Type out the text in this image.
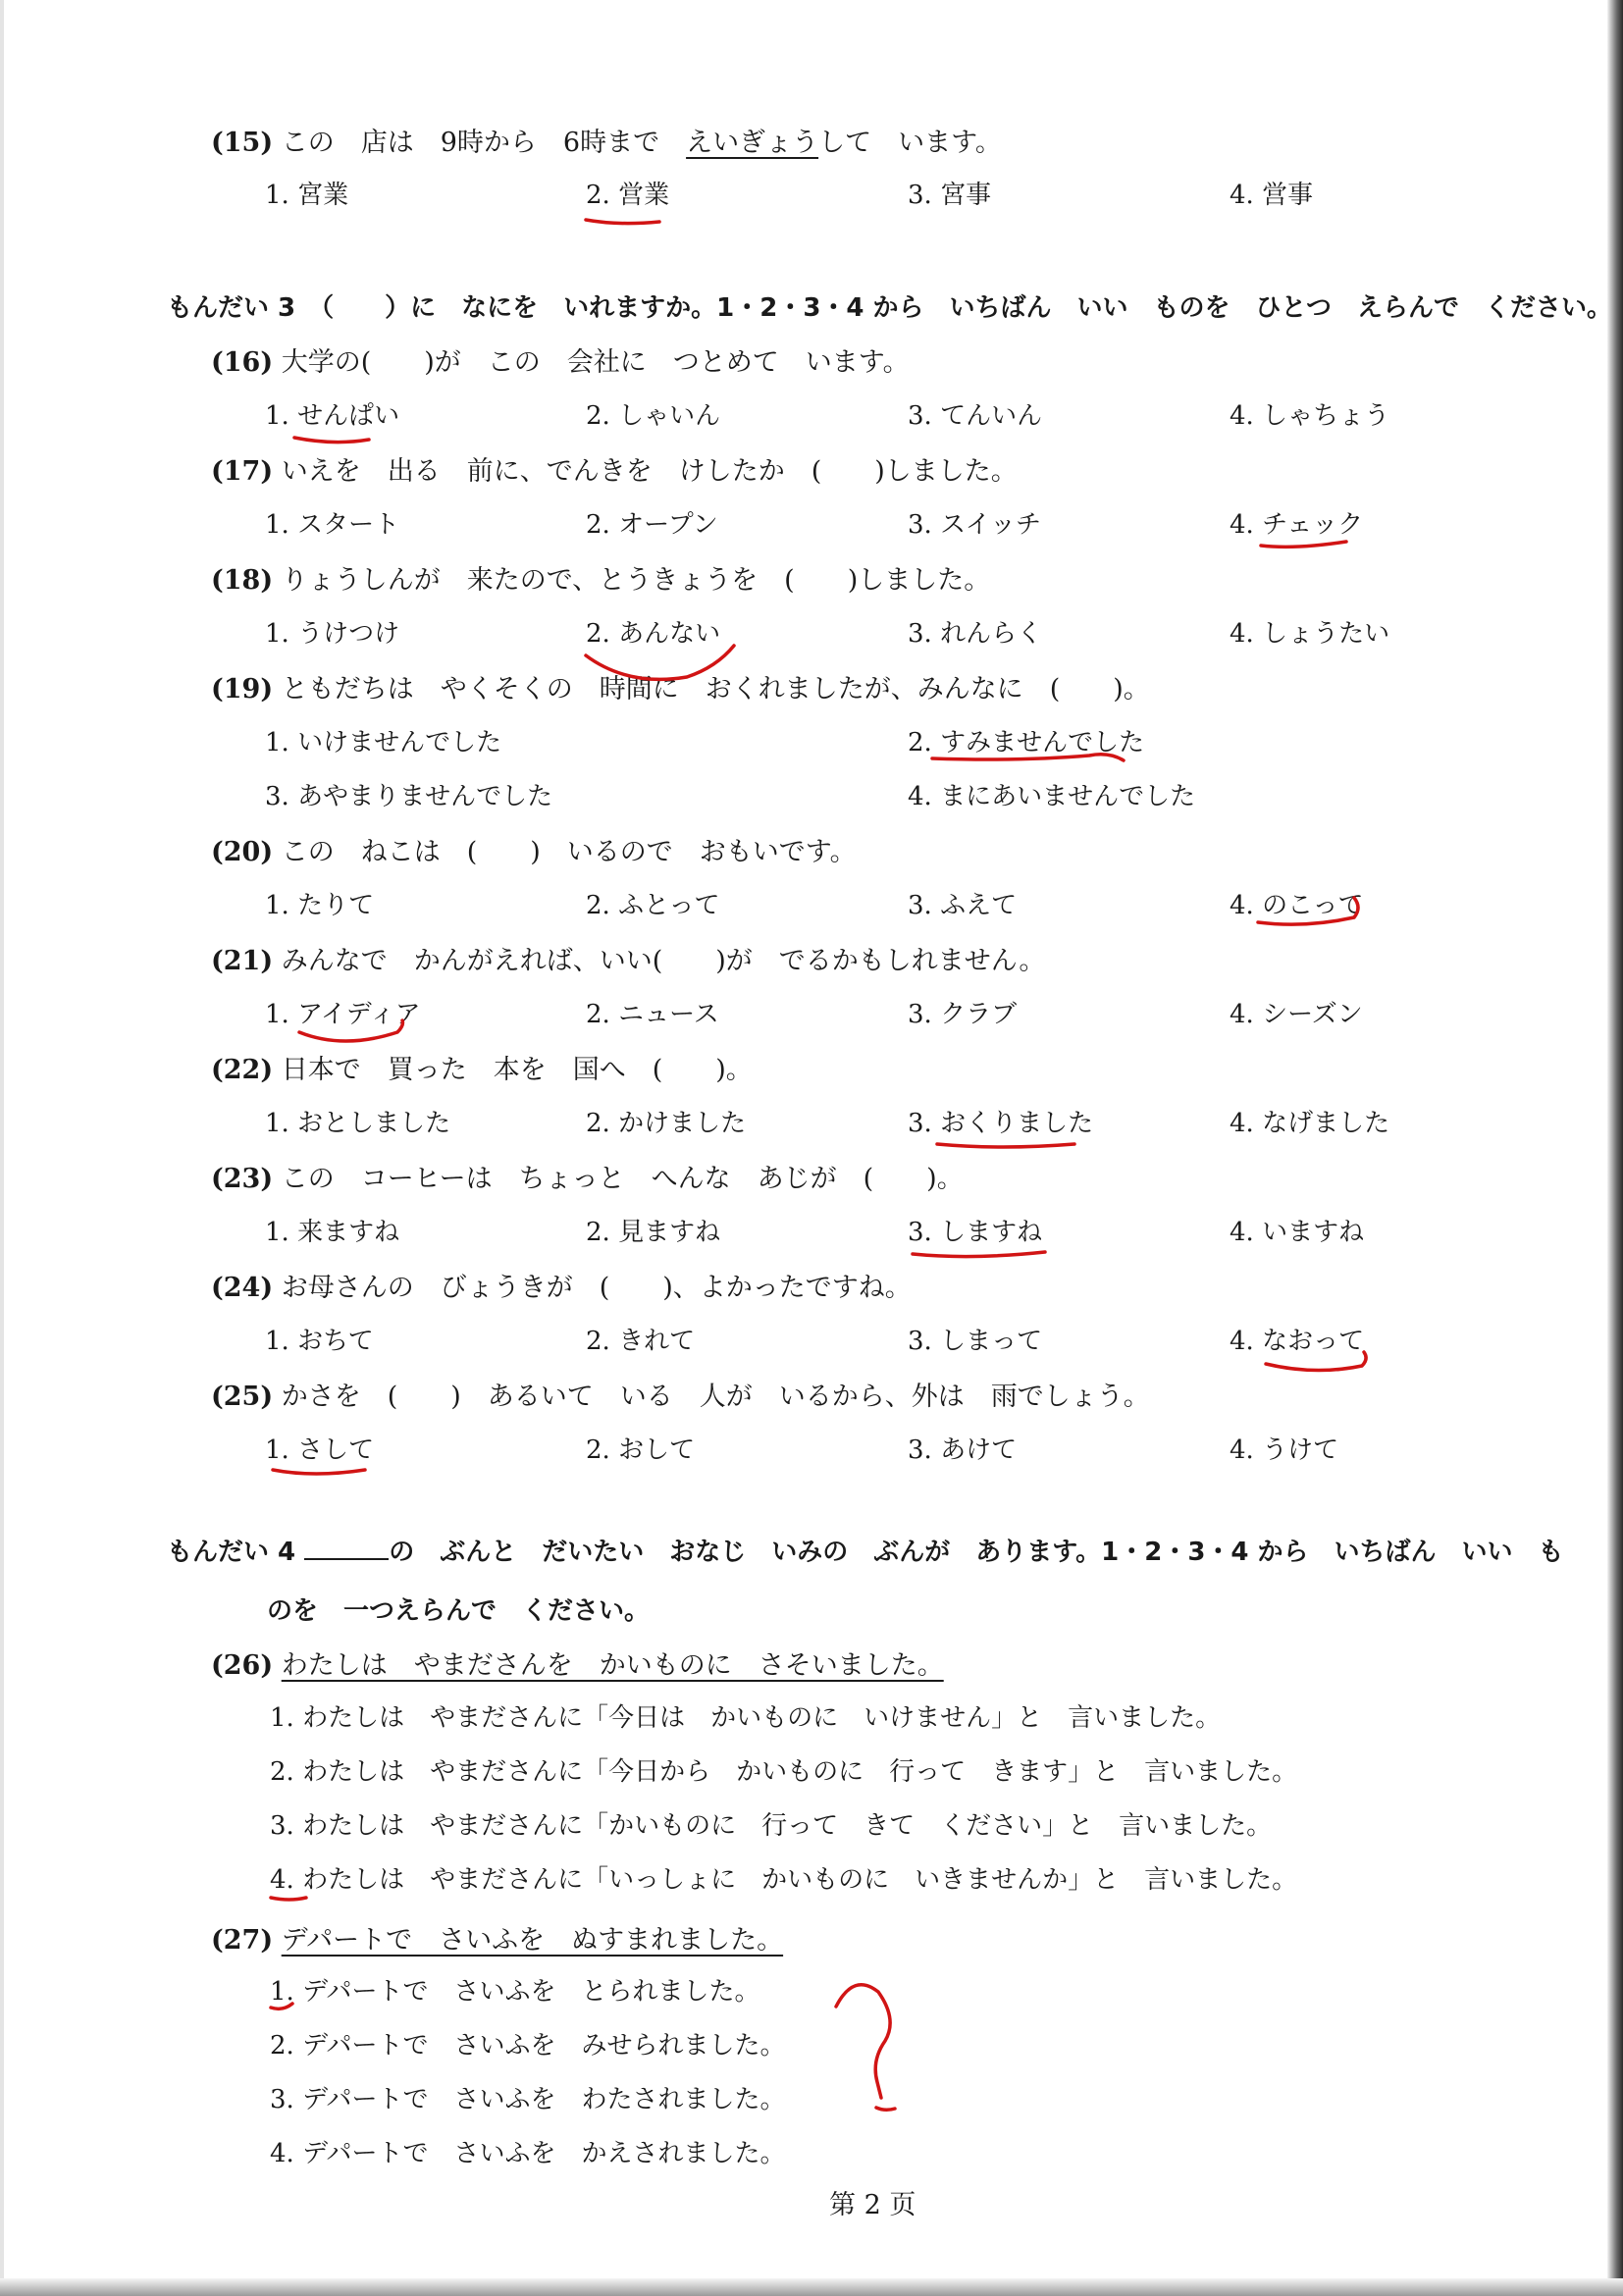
(15) この　店は　9時から　6時まで　えいぎょうして　います。
1. 宮業	2. 営業	3. 宮事	4. 営事
もんだい 3　（　　）に　なにを　いれますか。1・2・3・4 から　いちばん　いい　ものを　ひとつ　えらんで　ください。
(16) 大学の(　　)が　この　会社に　つとめて　います。
1. せんぱい	2. しゃいん	3. てんいん	4. しゃちょう
(17) いえを　出る　前に、でんきを　けしたか　(　　)しました。
1. スタート	2. オープン	3. スイッチ	4. チェック
(18) りょうしんが　来たので、とうきょうを　(　　)しました。
1. うけつけ	2. あんない	3. れんらく	4. しょうたい
(19) ともだちは　やくそくの　時間に　おくれましたが、みんなに　(　　)。
1. いけませんでした	2. すみませんでした
3. あやまりませんでした	4. まにあいませんでした
(20) この　ねこは　(　　)　いるので　おもいです。
1. たりて	2. ふとって	3. ふえて	4. のこって
(21) みんなで　かんがえれば、いい(　　)が　でるかもしれません。
1. アイディア	2. ニュース	3. クラブ	4. シーズン
(22) 日本で　買った　本を　国へ　(　　)。
1. おとしました	2. かけました	3. おくりました	4. なげました
(23) この　コーヒーは　ちょっと　へんな　あじが　(　　)。
1. 来ますね	2. 見ますね	3. しますね	4. いますね
(24) お母さんの　びょうきが　(　　)、よかったですね。
1. おちて	2. きれて	3. しまって	4. なおって
(25) かさを　(　　)　あるいて　いる　人が　いるから、外は　雨でしょう。
1. さして	2. おして	3. あけて	4. うけて
もんだい 4	の　ぶんと　だいたい　おなじ　いみの　ぶんが　あります。1・2・3・4 から　いちばん　いい　も
のを　一つえらんで　ください。
(26) わたしは　やまださんを　かいものに　さそいました。
1. わたしは　やまださんに「今日は　かいものに　いけません」と　言いました。
2. わたしは　やまださんに「今日から　かいものに　行って　きます」と　言いました。
3. わたしは　やまださんに「かいものに　行って　きて　ください」と　言いました。
4. わたしは　やまださんに「いっしょに　かいものに　いきませんか」と　言いました。
(27) デパートで　さいふを　ぬすまれました。
1. デパートで　さいふを　とられました。
2. デパートで　さいふを　みせられました。
3. デパートで　さいふを　わたされました。
4. デパートで　さいふを　かえされました。
第 2 页
